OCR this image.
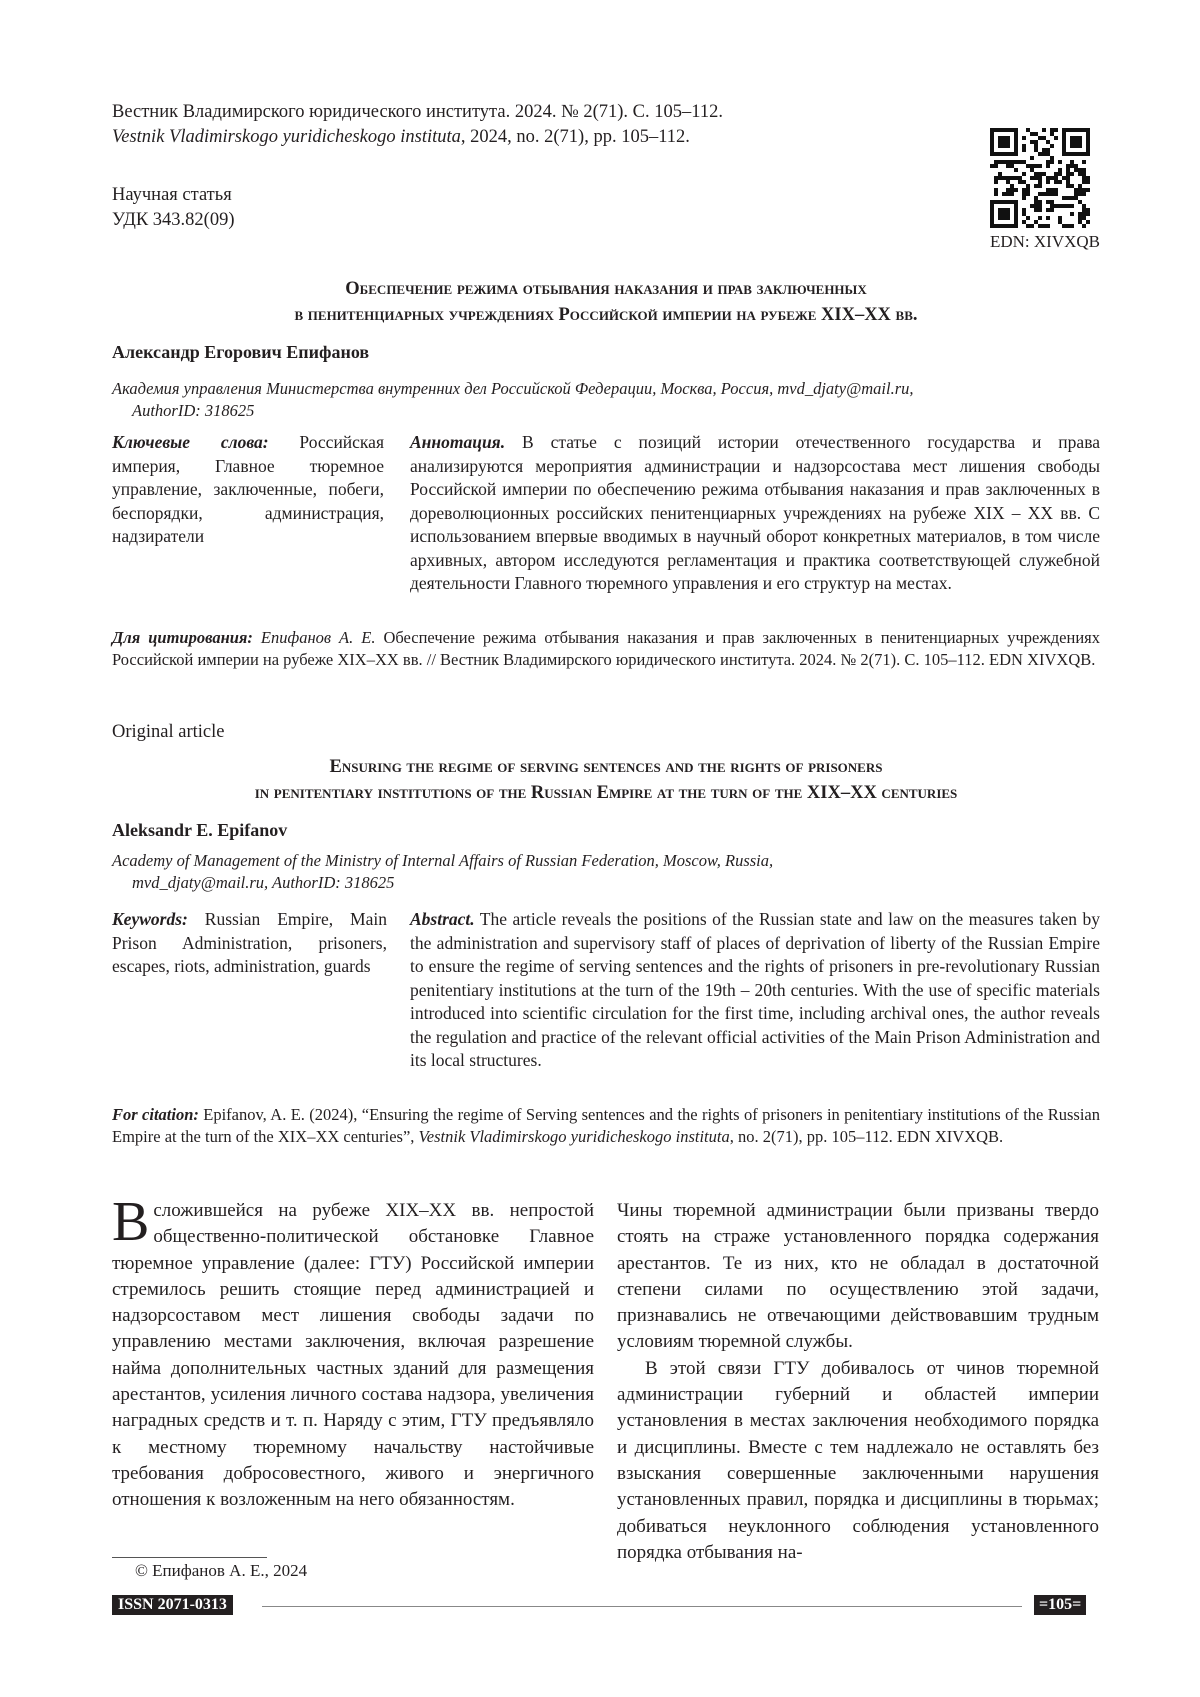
Вестник Владимирского юридического института. 2024. № 2(71). С. 105–112.
Vestnik Vladimirskogo yuridicheskogo instituta, 2024, no. 2(71), pp. 105–112.
Научная статья
УДК 343.82(09)
EDN: XIVXQB
Обеспечение режима отбывания наказания и прав заключенных
в пенитенциарных учреждениях Российской империи на рубеже XIX–XX вв.
Александр Егорович Епифанов
Академия управления Министерства внутренних дел Российской Федерации, Москва, Россия, mvd_djaty@mail.ru,
AuthorID: 318625
Ключевые слова: Российская империя, Главное тюремное управление, заключенные, побеги, беспорядки, администрация, надзиратели
Аннотация. В статье с позиций истории отечественного государства и права анализируются мероприятия администрации и надзорсостава мест лишения свободы Российской империи по обеспечению режима отбывания наказания и прав заключенных в дореволюционных российских пенитенциарных учреждениях на рубеже XIX – XX вв. С использованием впервые вводимых в научный оборот конкретных материалов, в том числе архивных, автором исследуются регламентация и практика соответствующей служебной деятельности Главного тюремного управления и его структур на местах.
Для цитирования: Епифанов А. Е. Обеспечение режима отбывания наказания и прав заключенных в пенитенциарных учреждениях Российской империи на рубеже XIX–XX вв. // Вестник Владимирского юридического института. 2024. № 2(71). С. 105–112. EDN XIVXQB.
Original article
Ensuring the regime of serving sentences and the rights of prisoners
in penitentiary institutions of the Russian Empire at the turn of the XIX–XX centuries
Aleksandr E. Epifanov
Academy of Management of the Ministry of Internal Affairs of Russian Federation, Moscow, Russia,
mvd_djaty@mail.ru, AuthorID: 318625
Keywords: Russian Empire, Main Prison Administration, prisoners, escapes, riots, administration, guards
Abstract. The article reveals the positions of the Russian state and law on the measures taken by the administration and supervisory staff of places of deprivation of liberty of the Russian Empire to ensure the regime of serving sentences and the rights of prisoners in pre-revolutionary Russian penitentiary institutions at the turn of the 19th – 20th centuries. With the use of specific materials introduced into scientific circulation for the first time, including archival ones, the author reveals the regulation and practice of the relevant official activities of the Main Prison Administration and its local structures.
For citation: Epifanov, A. E. (2024), “Ensuring the regime of Serving sentences and the rights of prisoners in penitentiary institutions of the Russian Empire at the turn of the XIX–XX centuries”, Vestnik Vladimirskogo yuridicheskogo instituta, no. 2(71), pp. 105–112. EDN XIVXQB.

В сложившейся на рубеже XIX–XX вв. непростой общественно-политической обстановке Главное тюремное управление (далее: ГТУ) Российской империи стремилось решить стоящие перед администрацией и надзорсоставом мест лишения свободы задачи по управлению местами заключения, включая разрешение найма дополнительных частных зданий для размещения арестантов, усиления личного состава надзора, увеличения наградных средств и т. п. Наряду с этим, ГТУ предъявляло к местному тюремному начальству настойчивые требования добросовестного, живого и энергичного отношения к возложенным на него обязанностям.

Чины тюремной администрации были призваны твердо стоять на страже установленного порядка содержания арестантов. Те из них, кто не обладал в достаточной степени силами по осуществлению этой задачи, признавались не отвечающими действовавшим трудным условиям тюремной службы.

В этой связи ГТУ добивалось от чинов тюремной администрации губерний и областей империи установления в местах заключения необходимого порядка и дисциплины. Вместе с тем надлежало не оставлять без взыскания совершенные заключенными нарушения установленных правил, порядка и дисциплины в тюрьмах; добиваться неуклонного соблюдения установленного порядка отбывания на-

© Епифанов А. Е., 2024
ISSN 2071-0313	=105=
